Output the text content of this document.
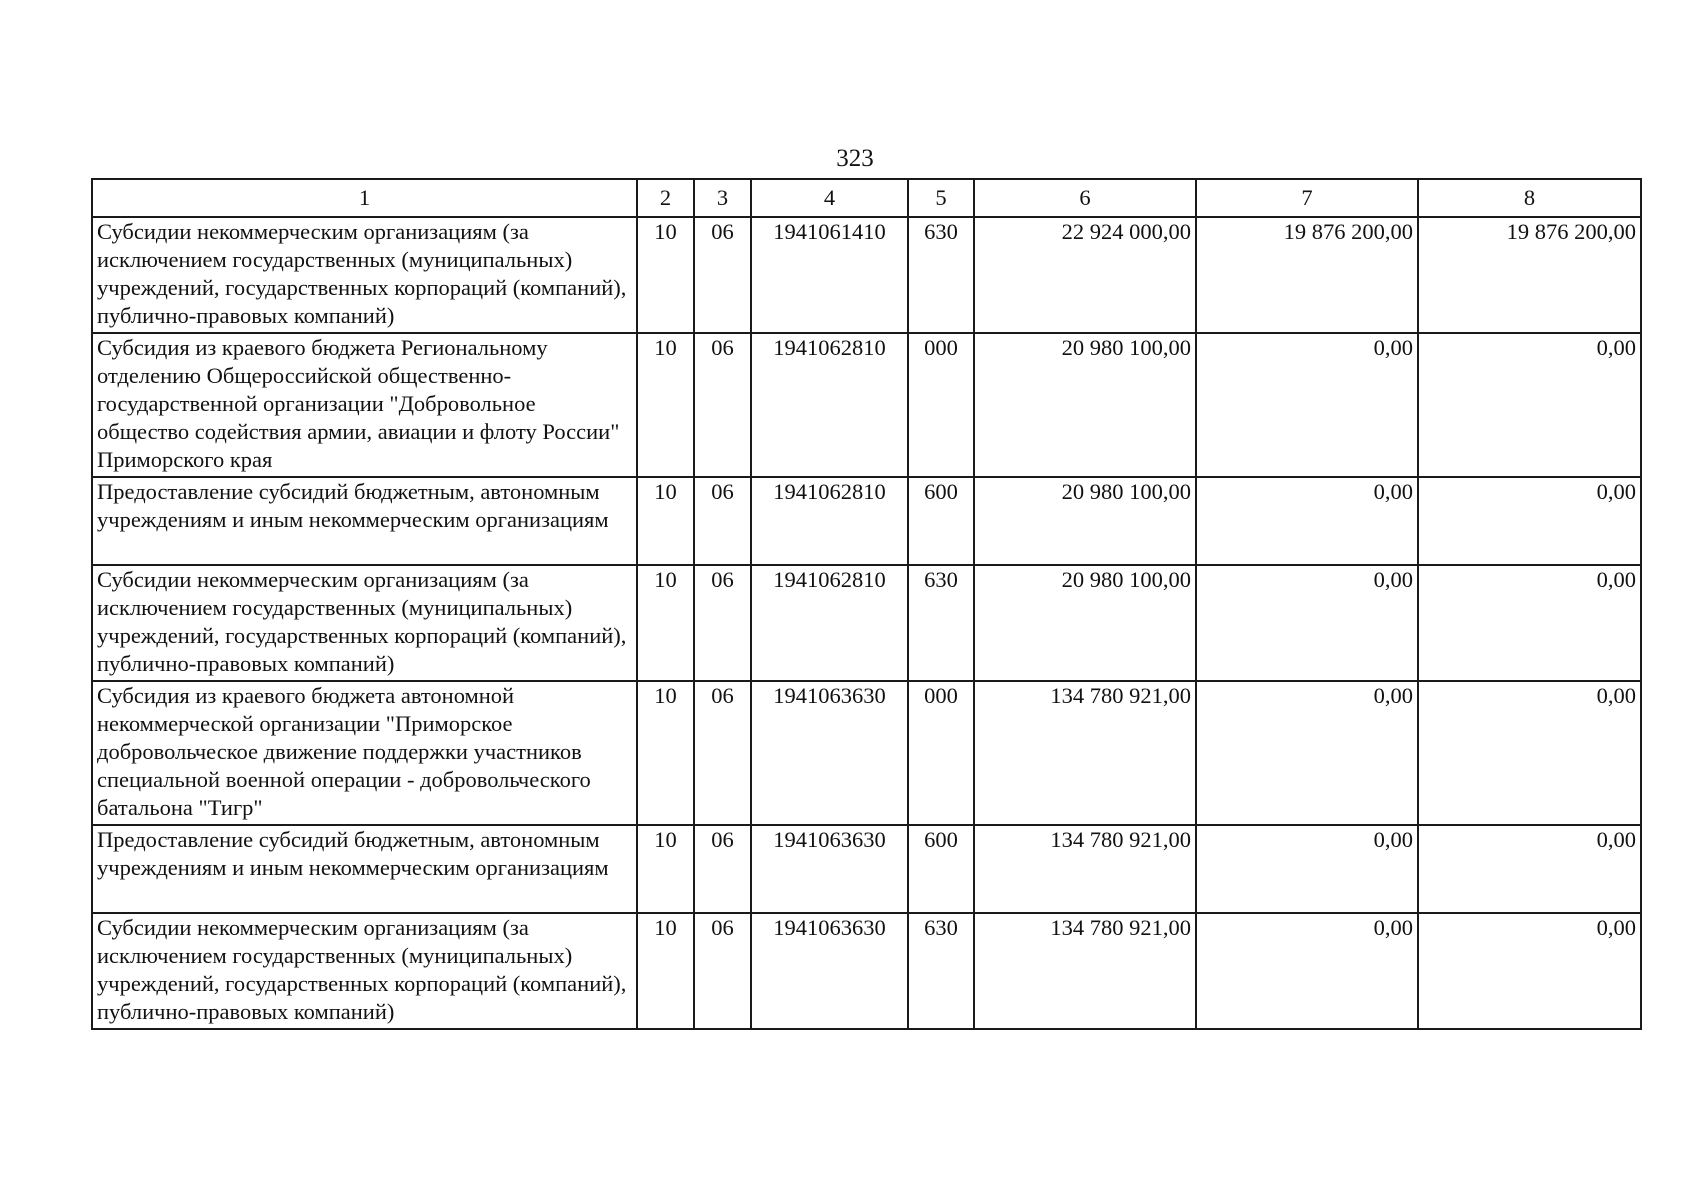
323
1	2	3	4	5	6	7	8
Субсидии некоммерческим организациям (за исключением государственных (муниципальных) учреждений, государственных корпораций (компаний), публично-правовых компаний)	10	06	1941061410	630	22 924 000,00	19 876 200,00	19 876 200,00
Субсидия из краевого бюджета Региональному отделению Общероссийской общественно-государственной организации "Добровольное общество содействия армии, авиации и флоту России" Приморского края	10	06	1941062810	000	20 980 100,00	0,00	0,00
Предоставление субсидий бюджетным, автономным учреждениям и иным некоммерческим организациям	10	06	1941062810	600	20 980 100,00	0,00	0,00
Субсидии некоммерческим организациям (за исключением государственных (муниципальных) учреждений, государственных корпораций (компаний), публично-правовых компаний)	10	06	1941062810	630	20 980 100,00	0,00	0,00
Субсидия из краевого бюджета автономной некоммерческой организации "Приморское добровольческое движение поддержки участников специальной военной операции - добровольческого батальона "Тигр"	10	06	1941063630	000	134 780 921,00	0,00	0,00
Предоставление субсидий бюджетным, автономным учреждениям и иным некоммерческим организациям	10	06	1941063630	600	134 780 921,00	0,00	0,00
Субсидии некоммерческим организациям (за исключением государственных (муниципальных) учреждений, государственных корпораций (компаний), публично-правовых компаний)	10	06	1941063630	630	134 780 921,00	0,00	0,00
